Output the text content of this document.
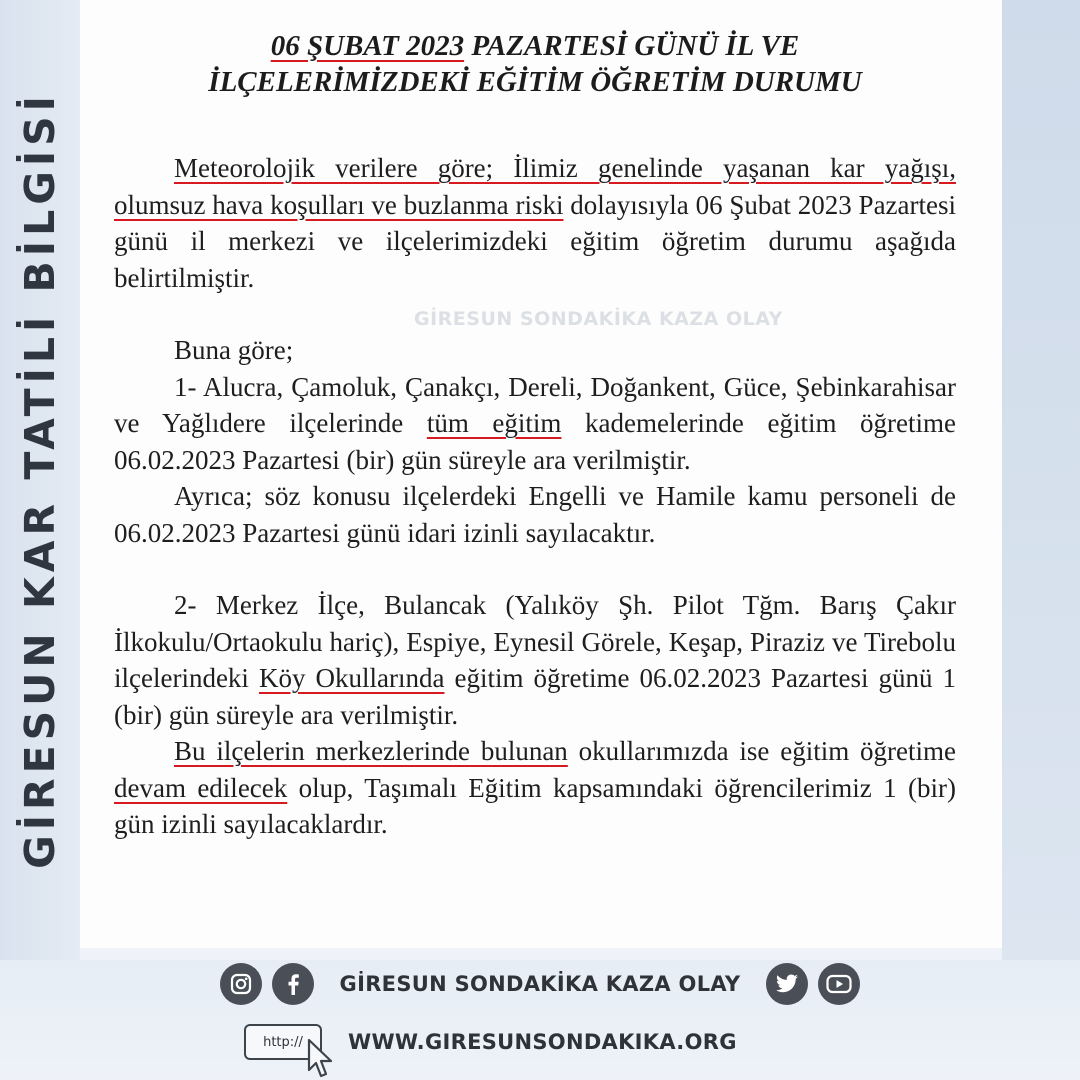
GİRESUN KAR TATİLİ BİLGİSİ
06 ŞUBAT 2023 PAZARTESİ GÜNÜ İL VE
İLÇELERİMİZDEKİ EĞİTİM ÖĞRETİM DURUMU

Meteorolojik verilere göre; İlimiz genelinde yaşanan kar yağışı, olumsuz hava koşulları ve buzlanma riski dolayısıyla 06 Şubat 2023 Pazartesi günü il merkezi ve ilçelerimizdeki eğitim öğretim durumu aşağıda belirtilmiştir.

Buna göre;

1- Alucra, Çamoluk, Çanakçı, Dereli, Doğankent, Güce, Şebinkarahisar ve Yağlıdere ilçelerinde tüm eğitim kademelerinde eğitim öğretime 06.02.2023 Pazartesi (bir) gün süreyle ara verilmiştir.

Ayrıca; söz konusu ilçelerdeki Engelli ve Hamile kamu personeli de 06.02.2023 Pazartesi günü idari izinli sayılacaktır.

2- Merkez İlçe, Bulancak (Yalıköy Şh. Pilot Tğm. Barış Çakır İlkokulu/Ortaokulu hariç), Espiye, Eynesil Görele, Keşap, Piraziz ve Tirebolu ilçelerindeki Köy Okullarında eğitim öğretime 06.02.2023 Pazartesi günü 1 (bir) gün süreyle ara verilmiştir.

Bu ilçelerin merkezlerinde bulunan okullarımızda ise eğitim öğretime devam edilecek olup, Taşımalı Eğitim kapsamındaki öğrencilerimiz 1 (bir) gün izinli sayılacaklardır.

GİRESUN SONDAKİKA KAZA OLAY
GİRESUN SONDAKİKA KAZA OLAY
http:// WWW.GIRESUNSONDAKIKA.ORG
